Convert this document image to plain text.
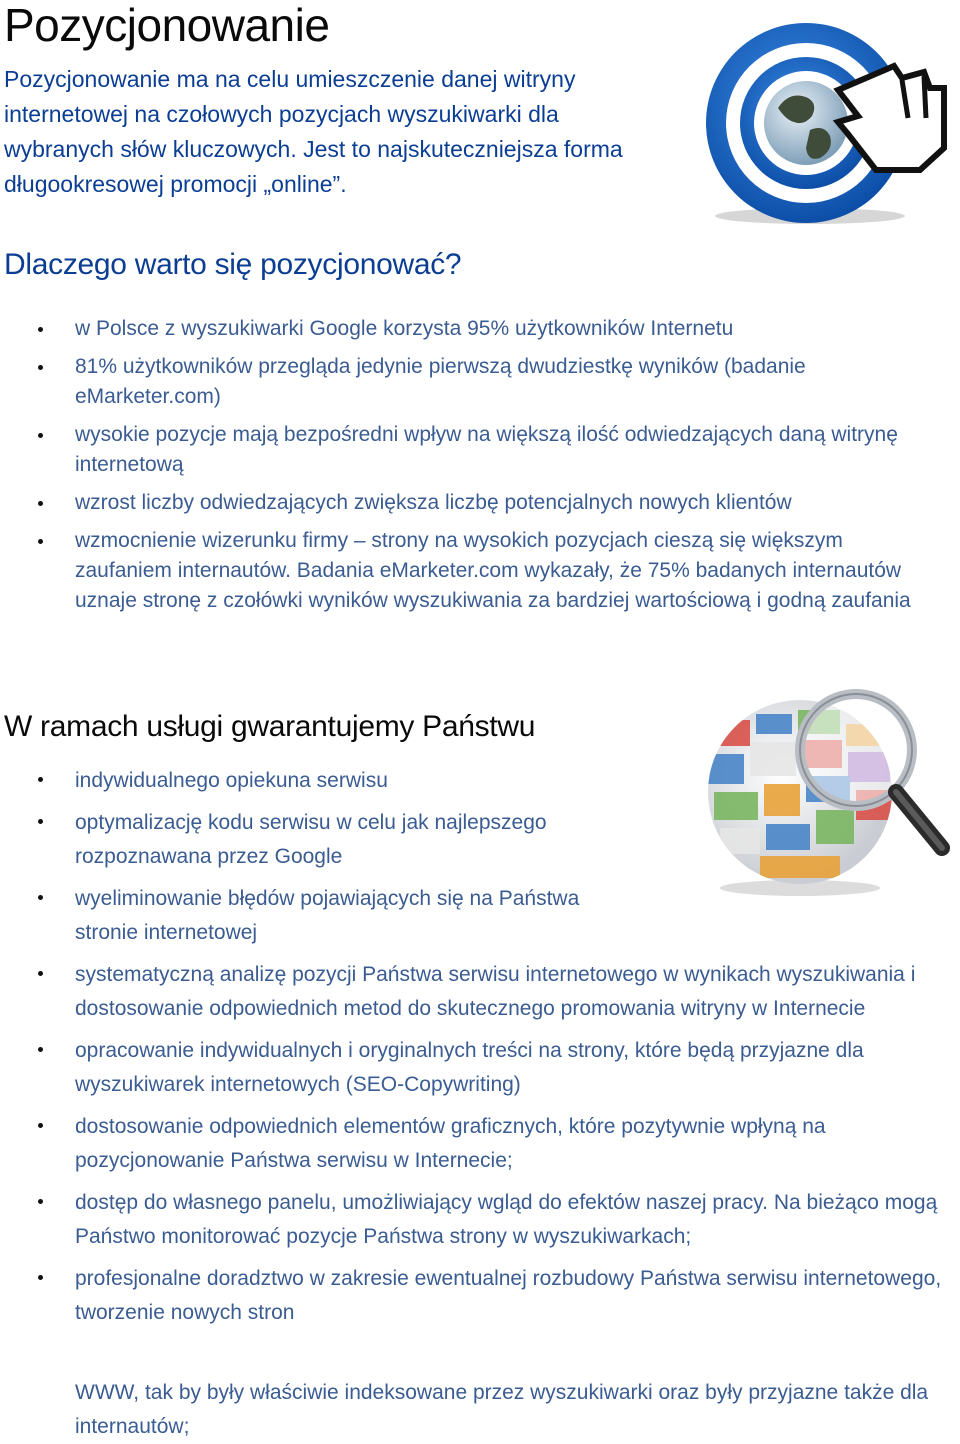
Pozycjonowanie

Pozycjonowanie ma na celu umieszczenie danej witryny internetowej na czołowych pozycjach wyszukiwarki dla wybranych słów kluczowych. Jest to najskuteczniejsza forma długookresowej promocji „online”.

Dlaczego warto się pozycjonować?
w Polsce z wyszukiwarki Google korzysta 95% użytkowników Internetu
81% użytkowników przegląda jedynie pierwszą dwudziestkę wyników (badanie eMarketer.com)
wysokie pozycje mają bezpośredni wpływ na większą ilość odwiedzających daną witrynę internetową
wzrost liczby odwiedzających zwiększa liczbę potencjalnych nowych klientów
wzmocnienie wizerunku firmy – strony na wysokich pozycjach cieszą się większym zaufaniem internautów. Badania eMarketer.com wykazały, że 75% badanych internautów uznaje stronę z czołówki wyników wyszukiwania za bardziej wartościową i godną zaufania
W ramach usługi gwarantujemy Państwu
indywidualnego opiekuna serwisu
optymalizację kodu serwisu w celu jak najlepszego rozpoznawana przez Google
wyeliminowanie błędów pojawiających się na Państwa stronie internetowej
systematyczną analizę pozycji Państwa serwisu internetowego w wynikach wyszukiwania i dostosowanie odpowiednich metod do skutecznego promowania witryny w Internecie
opracowanie indywidualnych i oryginalnych treści na strony, które będą przyjazne dla wyszukiwarek internetowych (SEO-Copywriting)
dostosowanie odpowiednich elementów graficznych, które pozytywnie wpłyną na pozycjonowanie Państwa serwisu w Internecie;
dostęp do własnego panelu, umożliwiający wgląd do efektów naszej pracy. Na bieżąco mogą Państwo monitorować pozycje Państwa strony w wyszukiwarkach;
profesjonalne doradztwo w zakresie ewentualnej rozbudowy Państwa serwisu internetowego, tworzenie nowych stron

WWW, tak by były właściwie indeksowane przez wyszukiwarki oraz były przyjazne także dla internautów;
